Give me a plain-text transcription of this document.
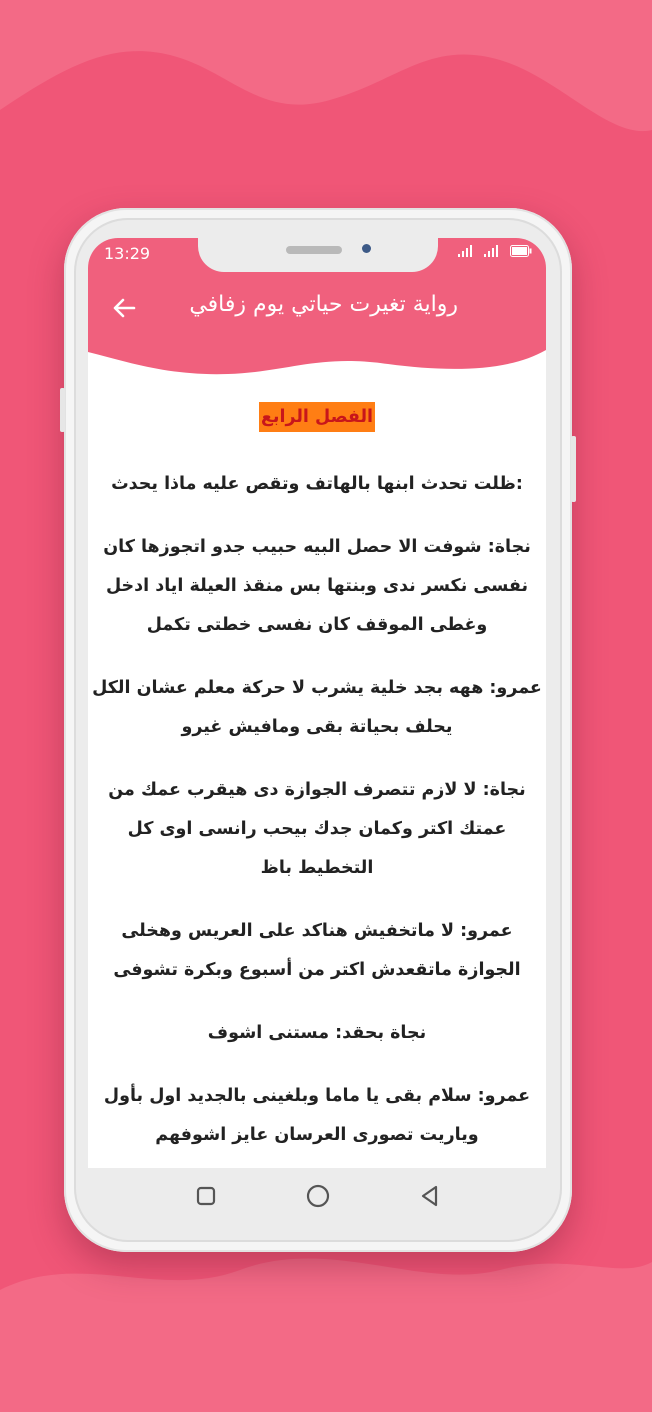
13:29
رواية تغيرت حياتي يوم زفافي
الفصل الرابع

:ظلت تحدث ابنها بالهاتف وتقص عليه ماذا يحدث

نجاة: شوفت الا حصل البيه حبيب جدو اتجوزها كان نفسى نكسر ندى وبنتها بس منقذ العيلة اياد ادخل وغطى الموقف كان نفسى خطتى تكمل

عمرو: ههه بجد خلية يشرب لا حركة معلم عشان الكل يحلف بحياتة بقى ومافيش غيرو

نجاة: لا لازم تتصرف الجوازة دى هيقرب عمك من عمتك اكتر وكمان جدك بيحب رانسى اوى كل التخطيط باظ

عمرو: لا ماتخفيش هناكد على العريس وهخلى الجوازة ماتقعدش اكتر من أسبوع وبكرة تشوفى

نجاة بحقد: مستنى اشوف

عمرو: سلام بقى يا ماما وبلغينى بالجديد اول بأول وياريت تصورى العرسان عايز اشوفهم
